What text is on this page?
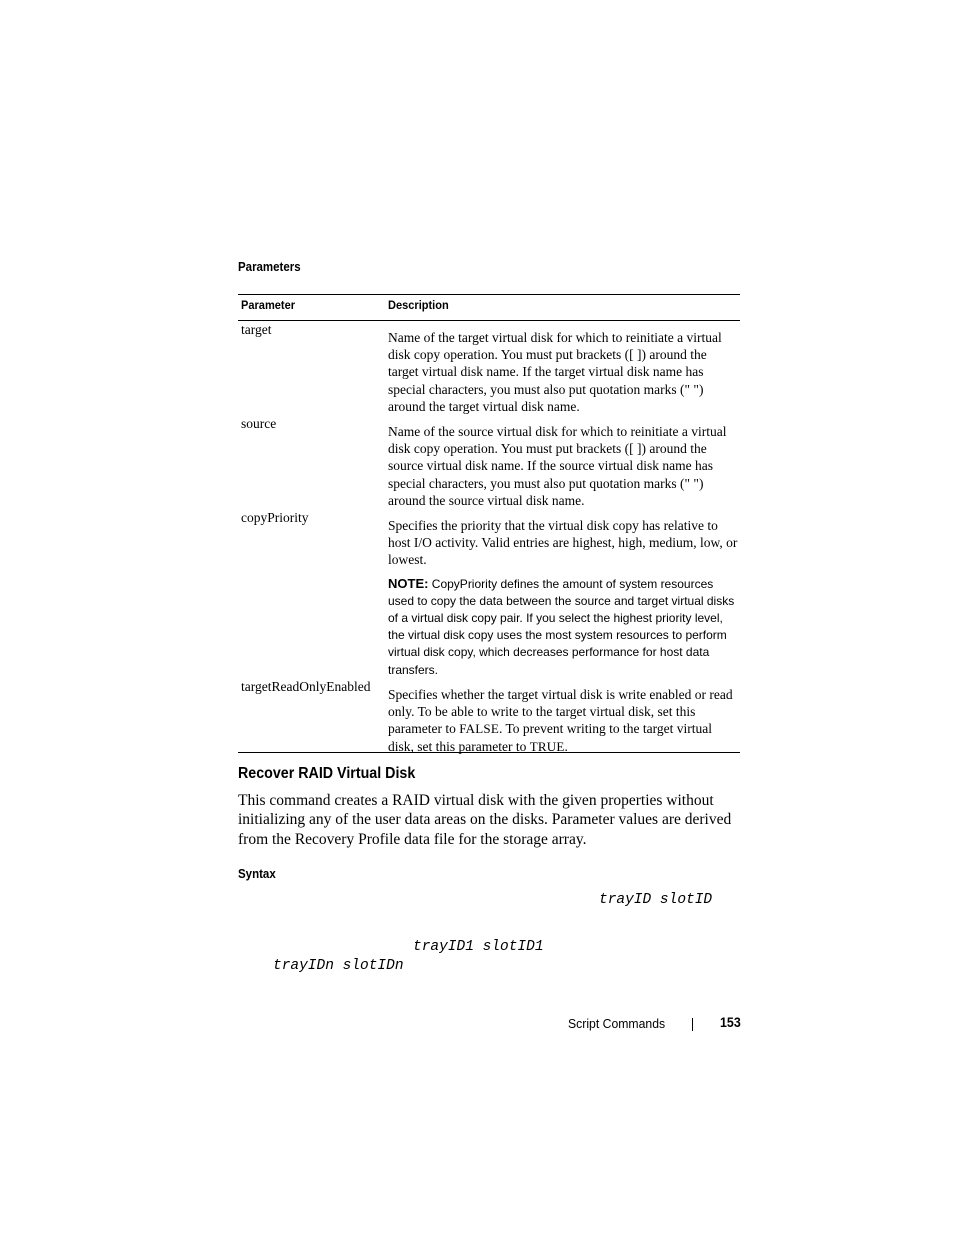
Parameters
Parameter	Description
target
Name of the target virtual disk for which to reinitiate a virtual disk copy operation. You must put brackets ([ ]) around the target virtual disk name. If the target virtual disk name has special characters, you must also put quotation marks (" ") around the target virtual disk name.
source
Name of the source virtual disk for which to reinitiate a virtual disk copy operation. You must put brackets ([ ]) around the source virtual disk name. If the source virtual disk name has special characters, you must also put quotation marks (" ") around the source virtual disk name.
copyPriority
Specifies the priority that the virtual disk copy has relative to host I/O activity. Valid entries are highest, high, medium, low, or lowest.
NOTE: CopyPriority defines the amount of system resources used to copy the data between the source and target virtual disks of a virtual disk copy pair. If you select the highest priority level, the virtual disk copy uses the most system resources to perform virtual disk copy, which decreases performance for host data transfers.
targetReadOnlyEnabled
Specifies whether the target virtual disk is write enabled or read only. To be able to write to the target virtual disk, set this parameter to FALSE. To prevent writing to the target virtual disk, set this parameter to TRUE.
Recover RAID Virtual Disk
This command creates a RAID virtual disk with the given properties without initializing any of the user data areas on the disks. Parameter values are derived from the Recovery Profile data file for the storage array.
Syntax
trayID slotID
trayID1 slotID1
trayIDn slotIDn
Script Commands	153
